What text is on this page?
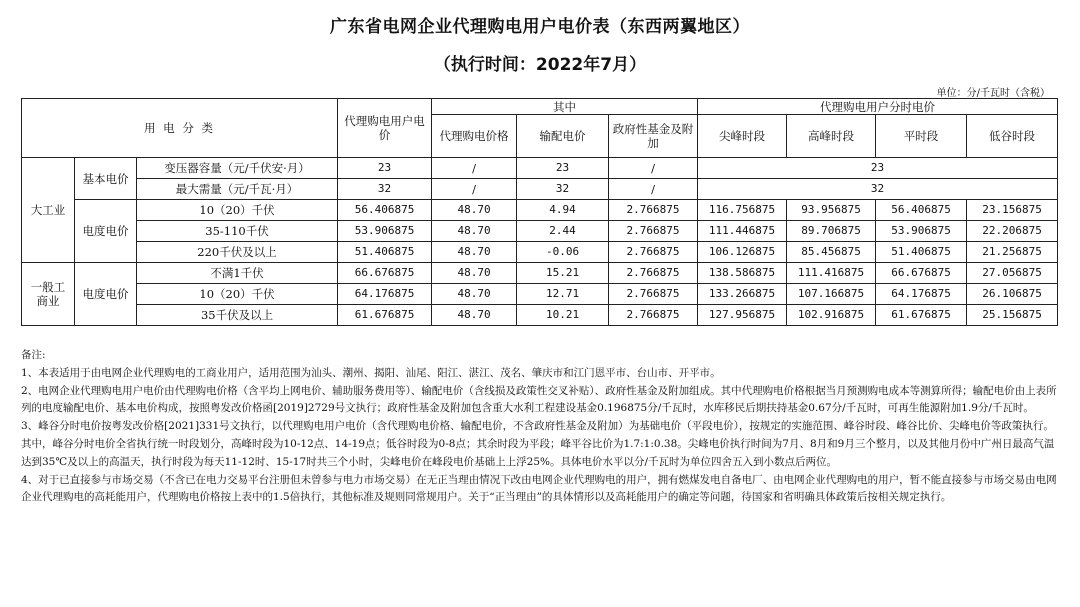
广东省电网企业代理购电用户电价表（东西两翼地区）
（执行时间：2022年7月）
单位：分/千瓦时（含税）
用 电 分 类			代理购电用户电价	其中			代理购电用户分时电价			
				代理购电价格	输配电价	政府性基金及附加	尖峰时段	高峰时段	平时段	低谷时段
大工业	基本电价	变压器容量（元/千伏安·月）	23	/	23	/	23			
		最大需量（元/千瓦·月）	32	/	32	/	32			
	电度电价	10（20）千伏	56.406875	48.70	4.94	2.766875	116.756875	93.956875	56.406875	23.156875
		35-110千伏	53.906875	48.70	2.44	2.766875	111.446875	89.706875	53.906875	22.206875
		220千伏及以上	51.406875	48.70	-0.06	2.766875	106.126875	85.456875	51.406875	21.256875
一般工商业	电度电价	不满1千伏	66.676875	48.70	15.21	2.766875	138.586875	111.416875	66.676875	27.056875
		10（20）千伏	64.176875	48.70	12.71	2.766875	133.266875	107.166875	64.176875	26.106875
		35千伏及以上	61.676875	48.70	10.21	2.766875	127.956875	102.916875	61.676875	25.156875

备注:

1、本表适用于由电网企业代理购电的工商业用户，适用范围为汕头、潮州、揭阳、汕尾、阳江、湛江、茂名、肇庆市和江门恩平市、台山市、开平市。

2、电网企业代理购电用户电价由代理购电价格（含平均上网电价、辅助服务费用等）、输配电价（含线损及政策性交叉补贴）、政府性基金及附加组成。其中代理购电价格根据当月预测购电成本等测算所得；输配电价由上表所列的电度输配电价、基本电价构成，按照粤发改价格函[2019]2729号文执行；政府性基金及附加包含重大水利工程建设基金0.196875分/千瓦时，水库移民后期扶持基金0.67分/千瓦时，可再生能源附加1.9分/千瓦时。

3、峰谷分时电价按粤发改价格[2021]331号文执行，以代理购电用户电价（含代理购电价格、输配电价，不含政府性基金及附加）为基础电价（平段电价），按规定的实施范围、峰谷时段、峰谷比价、尖峰电价等政策执行。其中，峰谷分时电价全省执行统一时段划分，高峰时段为10-12点、14-19点；低谷时段为0-8点；其余时段为平段；峰平谷比价为1.7:1:0.38。尖峰电价执行时间为7月、8月和9月三个整月，以及其他月份中广州日最高气温达到35℃及以上的高温天，执行时段为每天11-12时、15-17时共三个小时，尖峰电价在峰段电价基础上上浮25%。具体电价水平以分/千瓦时为单位四舍五入到小数点后两位。

4、对于已直接参与市场交易（不含已在电力交易平台注册但未曾参与电力市场交易）在无正当理由情况下改由电网企业代理购电的用户，拥有燃煤发电自备电厂、由电网企业代理购电的用户，暂不能直接参与市场交易由电网企业代理购电的高耗能用户，代理购电价格按上表中的1.5倍执行，其他标准及规则同常规用户。关于“正当理由”的具体情形以及高耗能用户的确定等问题，待国家和省明确具体政策后按相关规定执行。
